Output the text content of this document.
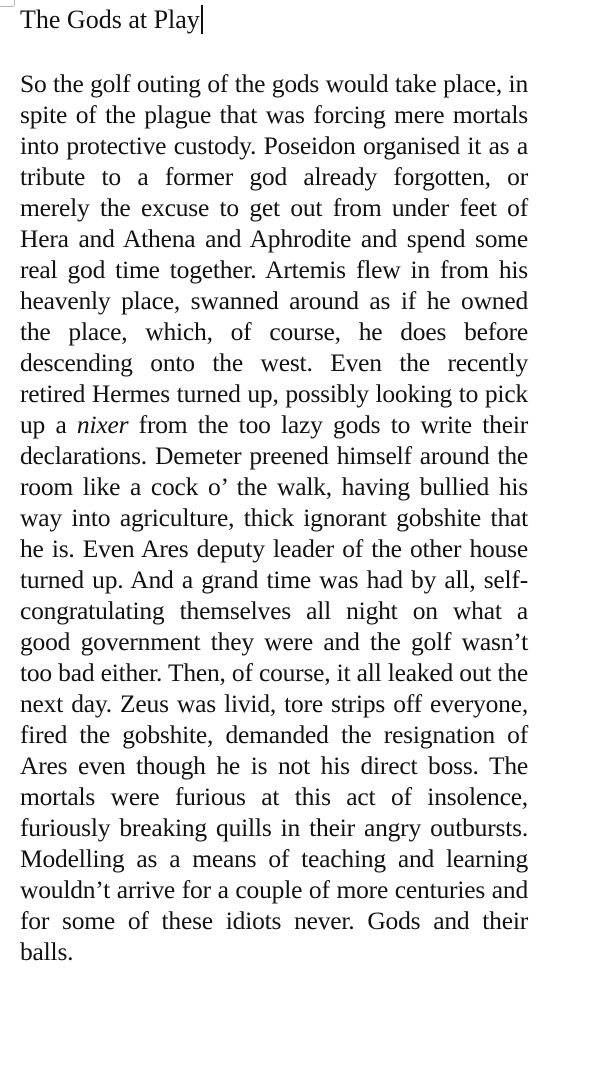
The Gods at Play

So the golf outing of the gods would take place, in spite of the plague that was forcing mere mortals into protective custody. Poseidon organised it as a tribute to a former god already forgotten, or merely the excuse to get out from under feet of Hera and Athena and Aphrodite and spend some real god time together. Artemis flew in from his heavenly place, swanned around as if he owned the place, which, of course, he does before descending onto the west. Even the recently retired Hermes turned up, possibly looking to pick up a nixer from the too lazy gods to write their declarations. Demeter preened himself around the room like a cock o’ the walk, having bullied his way into agriculture, thick ignorant gobshite that he is. Even Ares deputy leader of the other house turned up. And a grand time was had by all, self-congratulating themselves all night on what a good government they were and the golf wasn’t too bad either. Then, of course, it all leaked out the next day. Zeus was livid, tore strips off everyone, fired the gobshite, demanded the resignation of Ares even though he is not his direct boss. The mortals were furious at this act of insolence, furiously breaking quills in their angry outbursts. Modelling as a means of teaching and learning wouldn’t arrive for a couple of more centuries and for some of these idiots never. Gods and their balls.
